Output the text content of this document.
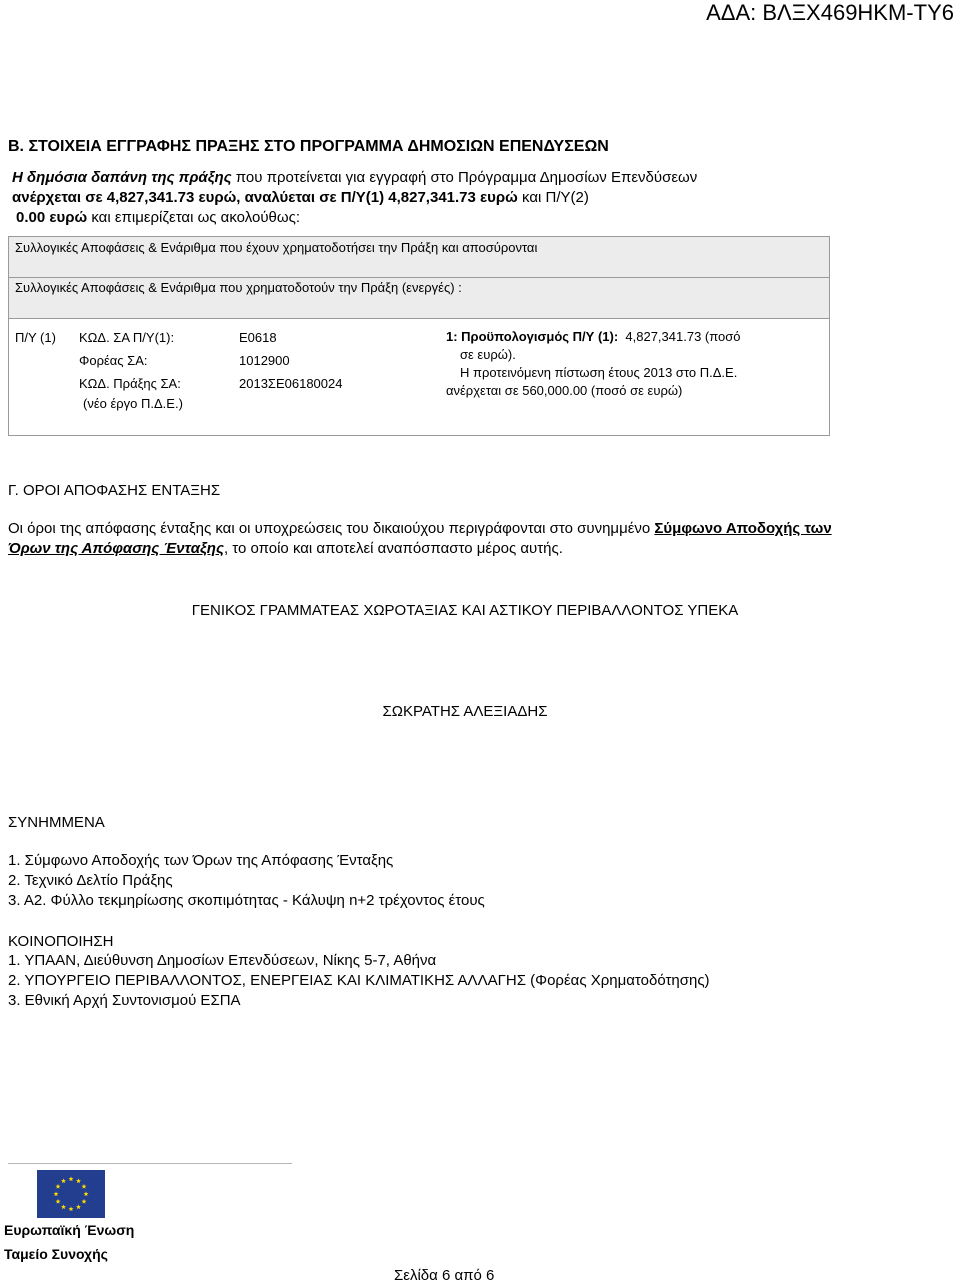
ΑΔΑ: ΒΛΞΧ469ΗΚΜ-ΤΥ6
Β. ΣΤΟΙΧΕΙΑ ΕΓΓΡΑΦΗΣ ΠΡΑΞΗΣ ΣΤΟ ΠΡΟΓΡΑΜΜΑ ΔΗΜΟΣΙΩΝ ΕΠΕΝΔΥΣΕΩΝ
Η δημόσια δαπάνη της πράξης που προτείνεται για εγγραφή στο Πρόγραμμα Δημοσίων Επενδύσεων
ανέρχεται σε 4,827,341.73 ευρώ, αναλύεται σε Π/Υ(1) 4,827,341.73 ευρώ και Π/Υ(2)
0.00 ευρώ και επιμερίζεται ως ακολούθως:
Συλλογικές Αποφάσεις & Ενάριθμα που έχουν χρηματοδοτήσει την Πράξη και αποσύρονται
Συλλογικές Αποφάσεις & Ενάριθμα που χρηματοδοτούν την Πράξη (ενεργές) :
Π/Υ (1) ΚΩΔ. ΣΑ Π/Υ(1):
Φορέας ΣΑ:
ΚΩΔ. Πράξης ΣΑ:
(νέο έργο Π.Δ.Ε.)
Ε0618
1012900
2013ΣΕ06180024
1: Προϋπολογισμός Π/Υ (1): 4,827,341.73 (ποσό
σε ευρώ).
Η προτεινόμενη πίστωση έτους 2013 στο Π.Δ.Ε.
ανέρχεται σε 560,000.00 (ποσό σε ευρώ)
Γ. ΟΡΟΙ ΑΠΟΦΑΣΗΣ ΕΝΤΑΞΗΣ
Οι όροι της απόφασης ένταξης και οι υποχρεώσεις του δικαιούχου περιγράφονται στο συνημμένο Σύμφωνο Αποδοχής των
Όρων της Απόφασης Ένταξης, το οποίο και αποτελεί αναπόσπαστο μέρος αυτής.
ΓΕΝΙΚΟΣ ΓΡΑΜΜΑΤΕΑΣ ΧΩΡΟΤΑΞΙΑΣ ΚΑΙ ΑΣΤΙΚΟΥ ΠΕΡΙΒΑΛΛΟΝΤΟΣ ΥΠΕΚΑ
ΣΩΚΡΑΤΗΣ ΑΛΕΞΙΑΔΗΣ
ΣΥΝΗΜΜΕΝΑ
1. Σύμφωνο Αποδοχής των Όρων της Απόφασης Ένταξης
2. Τεχνικό Δελτίο Πράξης
3. Α2. Φύλλο τεκμηρίωσης σκοπιμότητας - Κάλυψη n+2 τρέχοντος έτους
ΚΟΙΝΟΠΟΙΗΣΗ
1. ΥΠΑΑΝ, Διεύθυνση Δημοσίων Επενδύσεων, Νίκης 5-7, Αθήνα
2. ΥΠΟΥΡΓΕΙΟ ΠΕΡΙΒΑΛΛΟΝΤΟΣ, ΕΝΕΡΓΕΙΑΣ ΚΑΙ ΚΛΙΜΑΤΙΚΗΣ ΑΛΛΑΓΗΣ (Φορέας Χρηματοδότησης)
3. Εθνική Αρχή Συντονισμού ΕΣΠΑ
Ευρωπαϊκή Ένωση
Ταμείο Συνοχής
Σελίδα 6 από 6
